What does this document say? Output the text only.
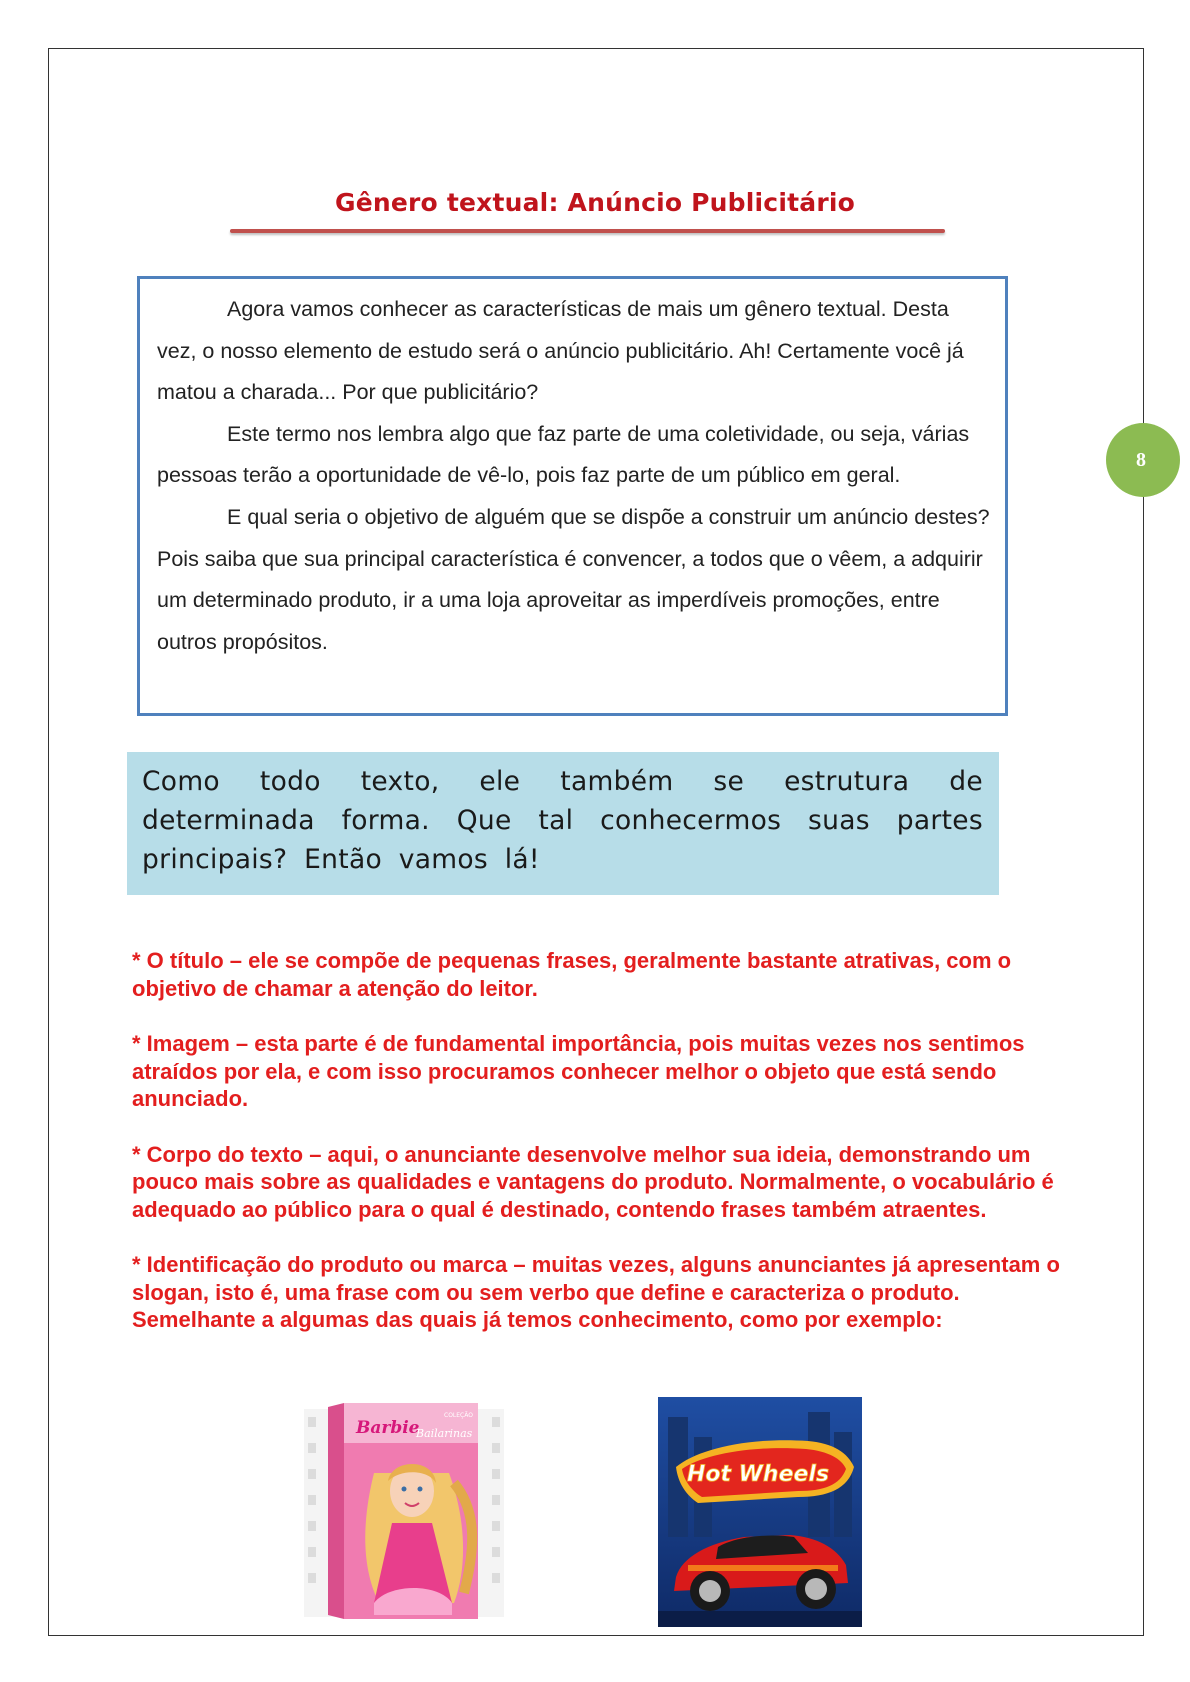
8
Gênero textual: Anúncio Publicitário

Agora vamos conhecer as características de mais um gênero textual. Desta vez, o nosso elemento de estudo será o anúncio publicitário. Ah! Certamente você já matou a charada... Por que publicitário?

Este termo nos lembra algo que faz parte de uma coletividade, ou seja, várias pessoas terão a oportunidade de vê-lo, pois faz parte de um público em geral.

E qual seria o objetivo de alguém que se dispõe a construir um anúncio destes? Pois saiba que sua principal característica é convencer, a todos que o vêem, a adquirir um determinado produto, ir a uma loja aproveitar as imperdíveis promoções, entre outros propósitos.

Como todo texto, ele também se estrutura de determinada forma. Que tal conhecermos suas partes principais? Então vamos lá!

* O título – ele se compõe de pequenas frases, geralmente bastante atrativas, com o objetivo de chamar a atenção do leitor.

* Imagem – esta parte é de fundamental importância, pois muitas vezes nos sentimos atraídos por ela, e com isso procuramos conhecer melhor o objeto que está sendo anunciado.

* Corpo do texto – aqui, o anunciante desenvolve melhor sua ideia, demonstrando um pouco mais sobre as qualidades e vantagens do produto. Normalmente, o vocabulário é adequado ao público para o qual é destinado, contendo frases também atraentes.

* Identificação do produto ou marca – muitas vezes, alguns anunciantes já apresentam o slogan, isto é, uma frase com ou sem verbo que define e caracteriza o produto. Semelhante a algumas das quais já temos conhecimento, como por exemplo:

Barbie
Bailarinas
COLEÇÃO
Hot Wheels
